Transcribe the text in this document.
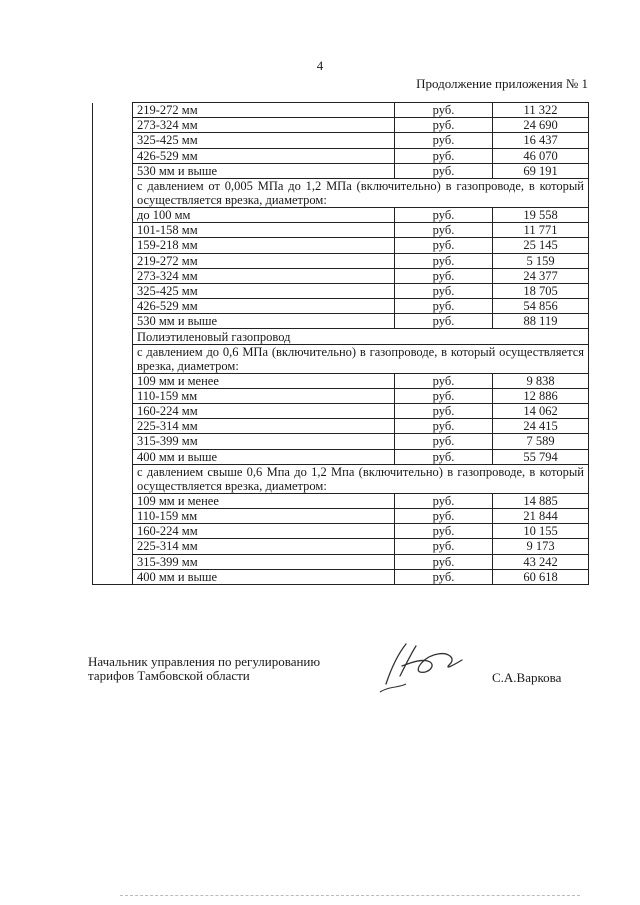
4
Продолжение приложения № 1
	219-272 мм	руб.	11 322
	273-324 мм	руб.	24 690
	325-425 мм	руб.	16 437
	426-529 мм	руб.	46 070
	530 мм и выше	руб.	69 191
	с давлением от 0,005 МПа до 1,2 МПа (включительно) в газопроводе, в который осуществляется врезка, диаметром:		
	до 100 мм	руб.	19 558
	101-158 мм	руб.	11 771
	159-218 мм	руб.	25 145
	219-272 мм	руб.	5 159
	273-324 мм	руб.	24 377
	325-425 мм	руб.	18 705
	426-529 мм	руб.	54 856
	530 мм и выше	руб.	88 119
	Полиэтиленовый газопровод		
	с давлением до 0,6 МПа (включительно) в газопроводе, в который осуществляется врезка, диаметром:		
	109 мм и менее	руб.	9 838
	110-159 мм	руб.	12 886
	160-224 мм	руб.	14 062
	225-314 мм	руб.	24 415
	315-399 мм	руб.	7 589
	400 мм и выше	руб.	55 794
	с давлением свыше 0,6 Мпа до 1,2 Мпа (включительно) в газопроводе, в который осуществляется врезка, диаметром:		
	109 мм и менее	руб.	14 885
	110-159 мм	руб.	21 844
	160-224 мм	руб.	10 155
	225-314 мм	руб.	9 173
	315-399 мм	руб.	43 242
	400 мм и выше	руб.	60 618
Начальник управления по регулированию
тарифов Тамбовской области	С.А.Варкова
